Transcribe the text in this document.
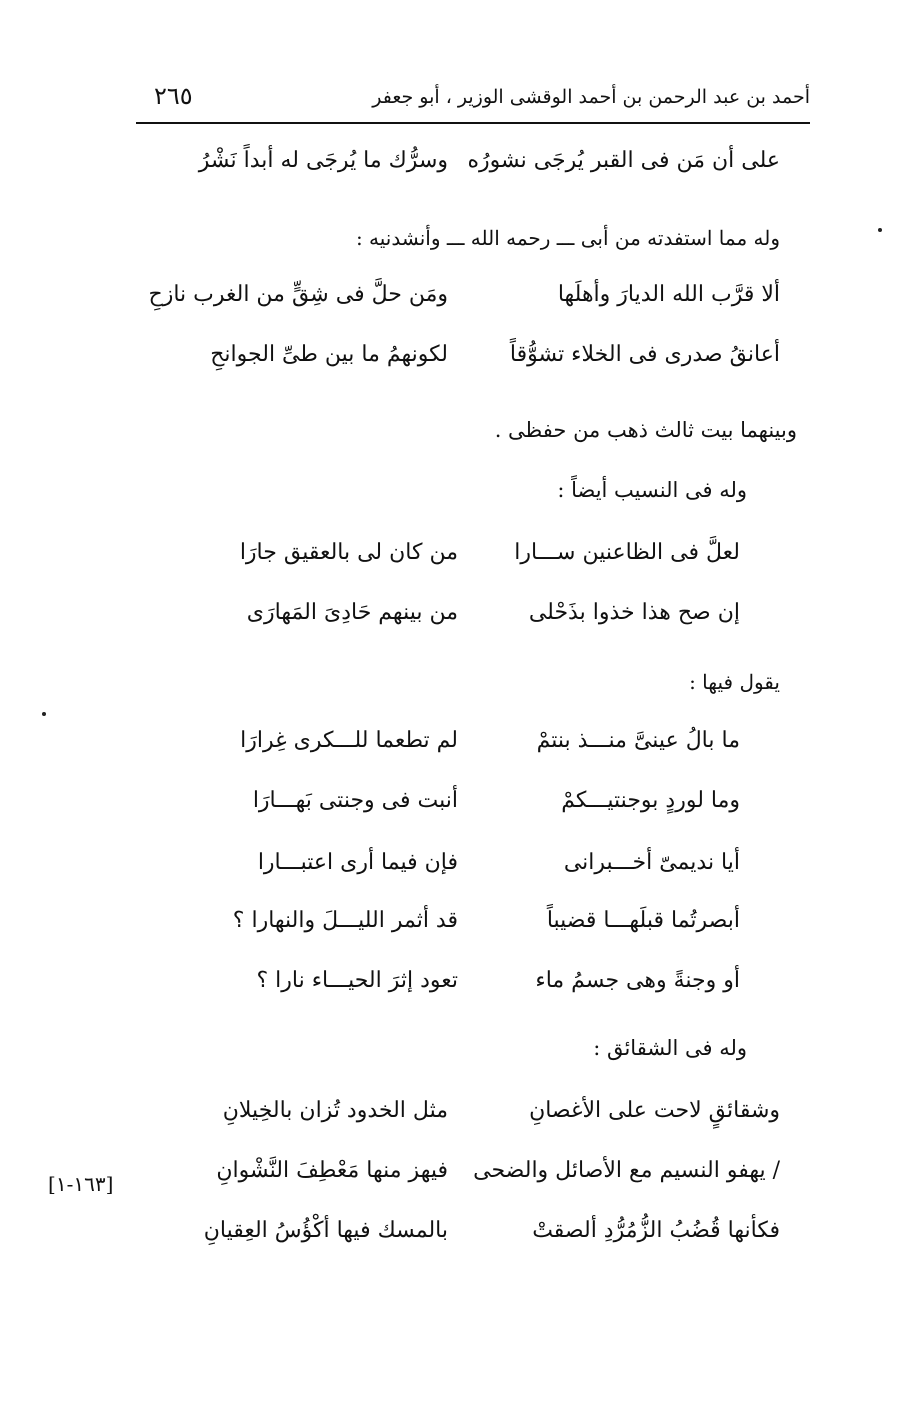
أحمد بن عبد الرحمن بن أحمد الوقشى الوزير ، أبو جعفر
٢٦٥
على أن مَن فى القبر يُرجَى نشورُه
وسرُّك ما يُرجَى له أبداً نَشْرُ
وله مما استفدته من أبى ـــ رحمه الله ـــ وأنشدنيه :
ألا قرَّب الله الديارَ وأهلَها
ومَن حلَّ فى شِقٍّ من الغرب نازحِ
أعانقُ صدرى فى الخلاء تشوُّقاً
لكونهمُ ما بين طىِّ الجوانحِ
وبينهما بيت ثالث ذهب من حفظى .
وله فى النسيب أيضاً :
لعلَّ فى الظاعنين ســـارا
من كان لى بالعقيق جارَا
إن صح هذا خذوا بذَحْلى
من بينهم حَادِىَ المَهارَى
يقول فيها :
ما بالُ عينىَّ منـــذ بنتمْ
لم تطعما للـــكرى غِرارَا
وما لوردٍ بوجنتيـــكمْ
أنبت فى وجنتى بَهـــارَا
أيا نديمىّ أخـــبرانى
فإن فيما أرى اعتبـــارا
أبصرتُما قبلَهـــا قضيباً
قد أثمر الليـــلَ والنهارا ؟
أو وجنةً وهى جسمُ ماء
تعود إثرَ الحيـــاء نارا ؟
وله فى الشقائق :
وشقائقٍ لاحت على الأغصانِ
مثل الخدود تُزان بالخِيلانِ
/ يهفو النسيم مع الأصائل والضحى
فيهز منها مَعْطِفَ النَّشْوانِ
فكأنها قُضُبُ الزُّمُرُّدِ ألصقتْ
بالمسك فيها أكْؤُسُ العِقيانِ
[١٦٣-١]
